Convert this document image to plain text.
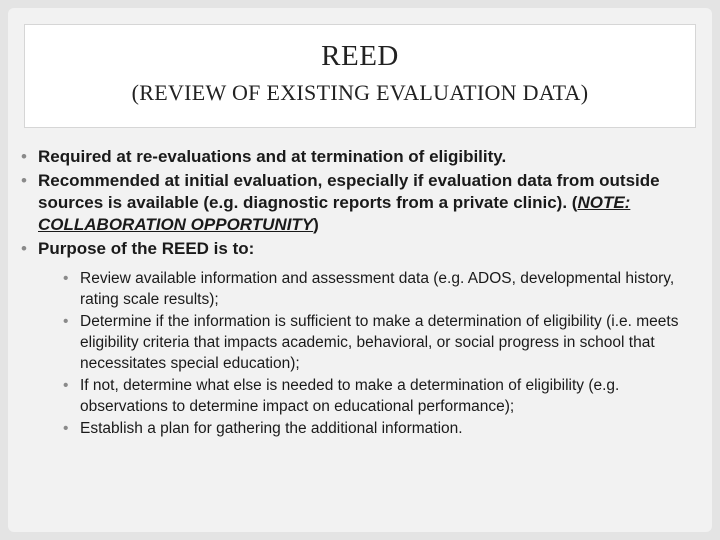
REED
(REVIEW OF EXISTING EVALUATION DATA)
• Required at re-evaluations and at termination of eligibility.
• Recommended at initial evaluation, especially if evaluation data from outside sources is available (e.g. diagnostic reports from a private clinic). (NOTE: COLLABORATION OPPORTUNITY)
• Purpose of the REED is to:
• Review available information and assessment data (e.g. ADOS, developmental history, rating scale results);
• Determine if the information is sufficient to make a determination of eligibility (i.e. meets eligibility criteria that impacts academic, behavioral, or social progress in school that necessitates special education);
• If not, determine what else is needed to make a determination of eligibility (e.g. observations to determine impact on educational performance);
• Establish a plan for gathering the additional information.
